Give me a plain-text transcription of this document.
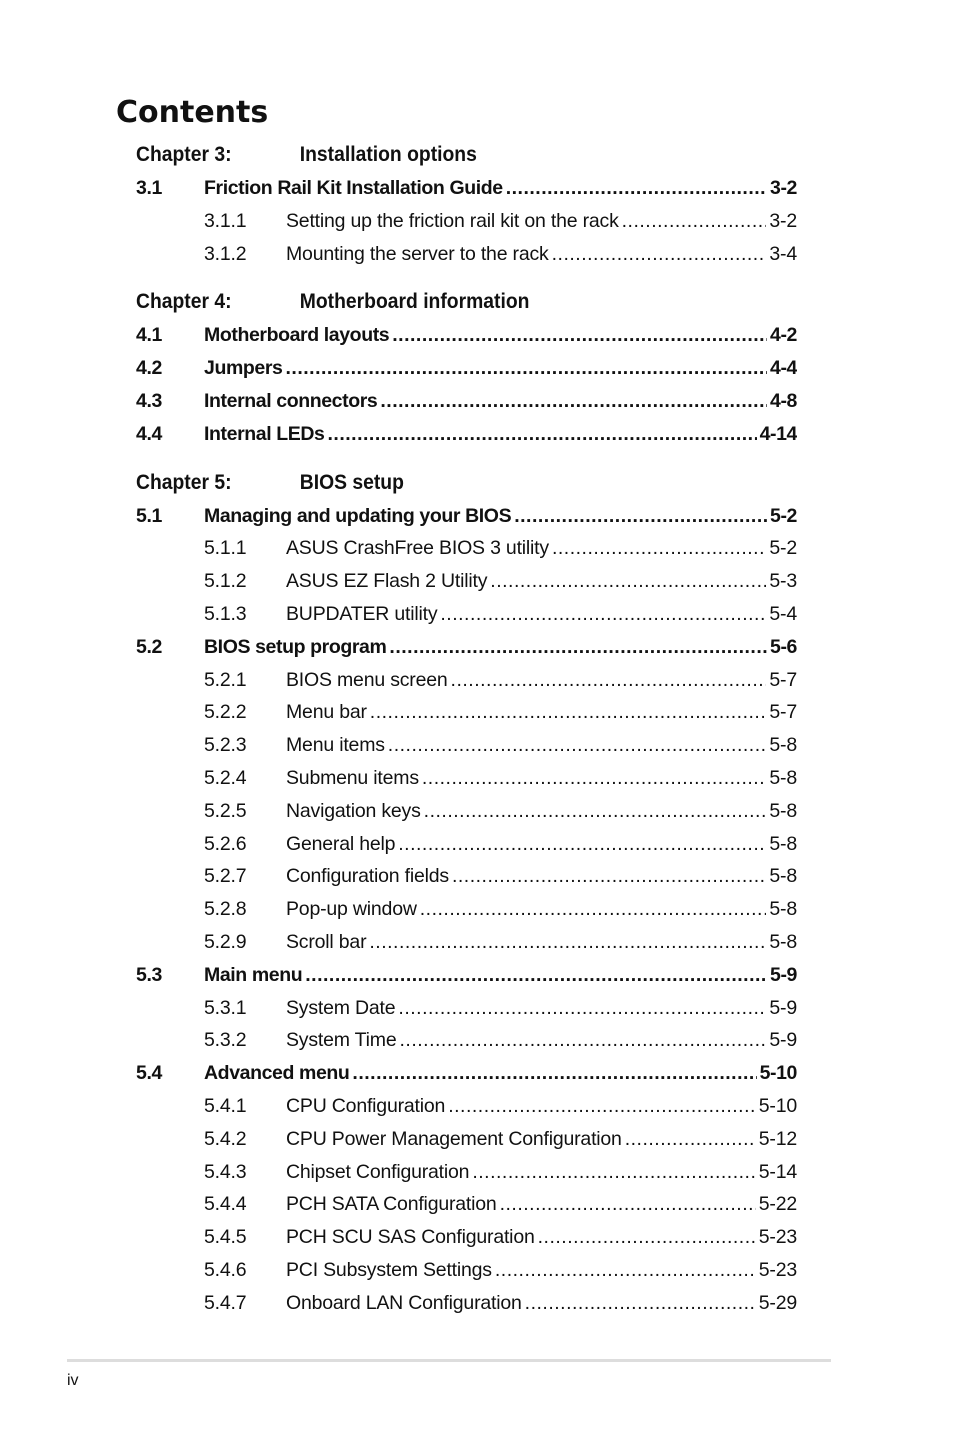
Contents
Chapter 3:	Installation options
3.1	Friction Rail Kit Installation Guide .....	3-2
3.1.1	Setting up the friction rail kit on the rack .....	3-2
3.1.2	Mounting the server to the rack .....	3-4
Chapter 4:	Motherboard information
4.1	Motherboard layouts .....	4-2
4.2	Jumpers .....	4-4
4.3	Internal connectors .....	4-8
4.4	Internal LEDs .....	4-14
Chapter 5:	BIOS setup
5.1	Managing and updating your BIOS .....	5-2
5.1.1	ASUS CrashFree BIOS 3 utility .....	5-2
5.1.2	ASUS EZ Flash 2 Utility .....	5-3
5.1.3	BUPDATER utility .....	5-4
5.2	BIOS setup program .....	5-6
5.2.1	BIOS menu screen .....	5-7
5.2.2	Menu bar .....	5-7
5.2.3	Menu items .....	5-8
5.2.4	Submenu items .....	5-8
5.2.5	Navigation keys .....	5-8
5.2.6	General help .....	5-8
5.2.7	Configuration fields .....	5-8
5.2.8	Pop-up window .....	5-8
5.2.9	Scroll bar .....	5-8
5.3	Main menu .....	5-9
5.3.1	System Date .....	5-9
5.3.2	System Time .....	5-9
5.4	Advanced menu .....	5-10
5.4.1	CPU Configuration .....	5-10
5.4.2	CPU Power Management Configuration .....	5-12
5.4.3	Chipset Configuration .....	5-14
5.4.4	PCH SATA Configuration .....	5-22
5.4.5	PCH SCU SAS Configuration .....	5-23
5.4.6	PCI Subsystem Settings .....	5-23
5.4.7	Onboard LAN Configuration .....	5-29
iv
